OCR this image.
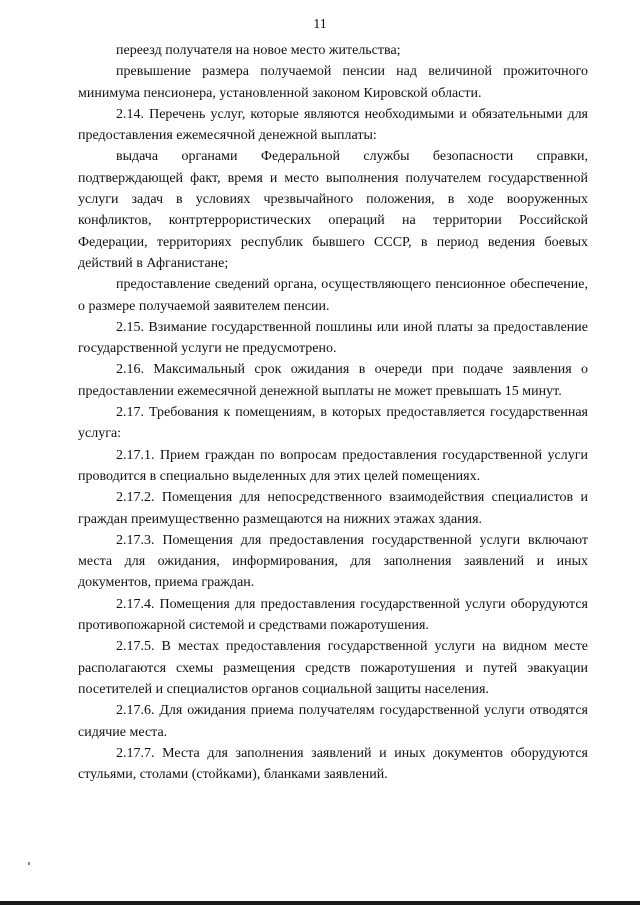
11

переезд получателя на новое место жительства;

превышение размера получаемой пенсии над величиной прожиточного минимума пенсионера, установленной законом Кировской области.

2.14. Перечень услуг, которые являются необходимыми и обязательными для предоставления ежемесячной денежной выплаты:

выдача органами Федеральной службы безопасности справки, подтверждающей факт, время и место выполнения получателем государственной услуги задач в условиях чрезвычайного положения, в ходе вооруженных конфликтов, контртеррористических операций на территории Российской Федерации, территориях республик бывшего СССР, в период ведения боевых действий в Афганистане;

предоставление сведений органа, осуществляющего пенсионное обеспечение, о размере получаемой заявителем пенсии.

2.15. Взимание государственной пошлины или иной платы за предоставление государственной услуги не предусмотрено.

2.16. Максимальный срок ожидания в очереди при подаче заявления о предоставлении ежемесячной денежной выплаты не может превышать 15 минут.

2.17. Требования к помещениям, в которых предоставляется государственная услуга:

2.17.1. Прием граждан по вопросам предоставления государственной услуги проводится в специально выделенных для этих целей помещениях.

2.17.2. Помещения для непосредственного взаимодействия специалистов и граждан преимущественно размещаются на нижних этажах здания.

2.17.3. Помещения для предоставления государственной услуги включают места для ожидания, информирования, для заполнения заявлений и иных документов, приема граждан.

2.17.4. Помещения для предоставления государственной услуги оборудуются противопожарной системой и средствами пожаротушения.

2.17.5. В местах предоставления государственной услуги на видном месте располагаются схемы размещения средств пожаротушения и путей эвакуации посетителей и специалистов органов социальной защиты населения.

2.17.6. Для ожидания приема получателям государственной услуги отводятся сидячие места.

2.17.7. Места для заполнения заявлений и иных документов оборудуются стульями, столами (стойками), бланками заявлений.
